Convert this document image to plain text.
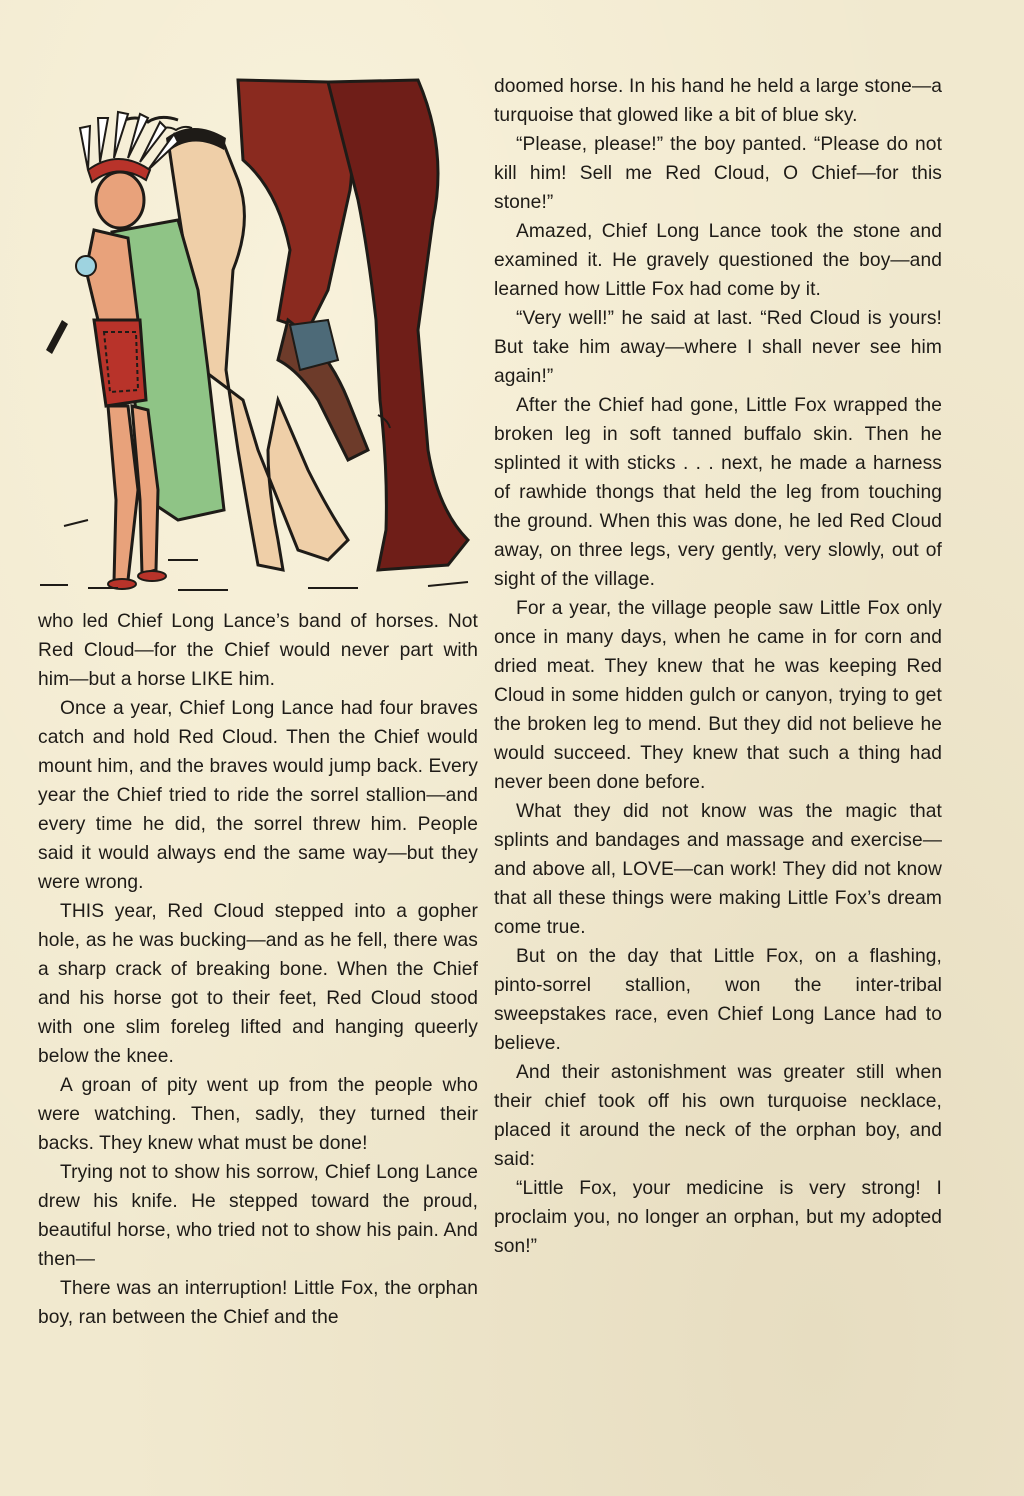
who led Chief Long Lance’s band of horses. Not Red Cloud—for the Chief would never part with him—but a horse LIKE him.

Once a year, Chief Long Lance had four braves catch and hold Red Cloud. Then the Chief would mount him, and the braves would jump back. Every year the Chief tried to ride the sorrel stallion—and every time he did, the sorrel threw him. People said it would always end the same way—but they were wrong.

THIS year, Red Cloud stepped into a gopher hole, as he was bucking—and as he fell, there was a sharp crack of breaking bone. When the Chief and his horse got to their feet, Red Cloud stood with one slim foreleg lifted and hanging queerly below the knee.

A groan of pity went up from the people who were watching. Then, sadly, they turned their backs. They knew what must be done!

Trying not to show his sorrow, Chief Long Lance drew his knife. He stepped toward the proud, beautiful horse, who tried not to show his pain. And then—

There was an interruption! Little Fox, the orphan boy, ran between the Chief and the

doomed horse. In his hand he held a large stone—a turquoise that glowed like a bit of blue sky.

“Please, please!” the boy panted. “Please do not kill him! Sell me Red Cloud, O Chief—for this stone!”

Amazed, Chief Long Lance took the stone and examined it. He gravely questioned the boy—and learned how Little Fox had come by it.

“Very well!” he said at last. “Red Cloud is yours! But take him away—where I shall never see him again!”

After the Chief had gone, Little Fox wrapped the broken leg in soft tanned buffalo skin. Then he splinted it with sticks . . . next, he made a harness of rawhide thongs that held the leg from touching the ground. When this was done, he led Red Cloud away, on three legs, very gently, very slowly, out of sight of the village.

For a year, the village people saw Little Fox only once in many days, when he came in for corn and dried meat. They knew that he was keeping Red Cloud in some hidden gulch or canyon, trying to get the broken leg to mend. But they did not believe he would succeed. They knew that such a thing had never been done before.

What they did not know was the magic that splints and bandages and massage and exercise—and above all, LOVE—can work! They did not know that all these things were making Little Fox’s dream come true.

But on the day that Little Fox, on a flashing, pinto-sorrel stallion, won the inter-tribal sweepstakes race, even Chief Long Lance had to believe.

And their astonishment was greater still when their chief took off his own turquoise necklace, placed it around the neck of the orphan boy, and said:

“Little Fox, your medicine is very strong! I proclaim you, no longer an orphan, but my adopted son!”
